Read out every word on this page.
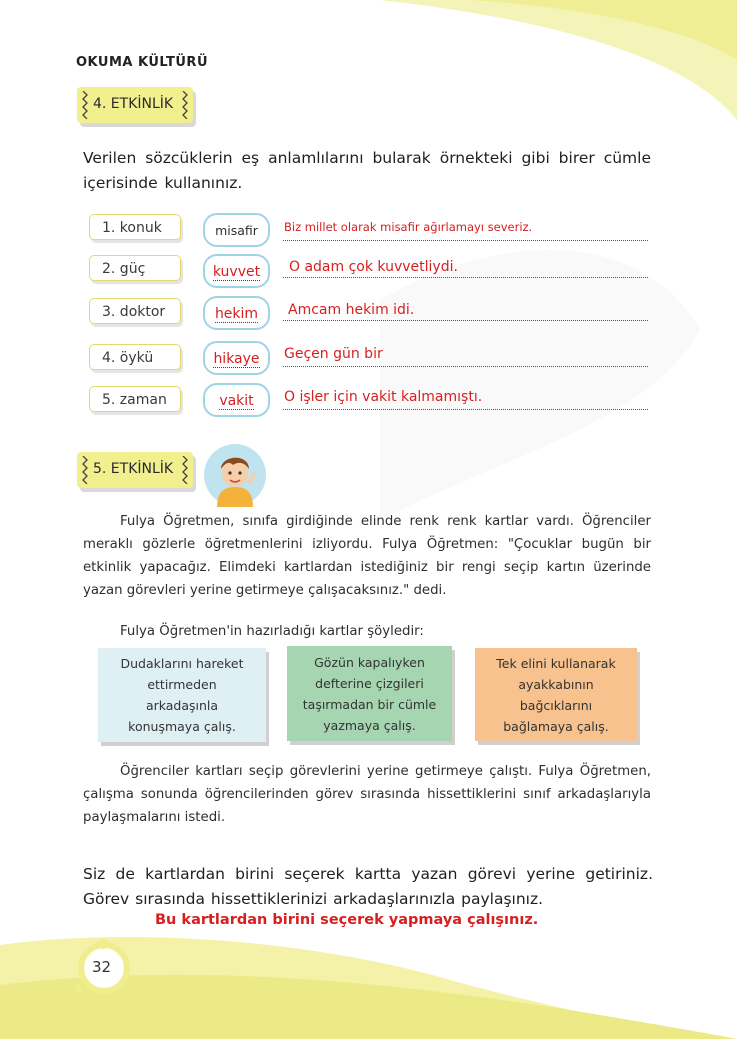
OKUMA KÜLTÜRÜ
4. ETKİNLİK
Verilen sözcüklerin eş anlamlılarını bularak örnekteki gibi birer cümle içerisinde kullanınız.
1. konuk	misafir	Biz millet olarak misafir ağırlamayı severiz.
2. güç	kuvvet	O adam çok kuvvetliydi.
3. doktor	hekim	Amcam hekim idi.
4. öykü	hikaye	Geçen gün bir
5. zaman	vakit	O işler için vakit kalmamıştı.
5. ETKİNLİK
Fulya Öğretmen, sınıfa girdiğinde elinde renk renk kartlar vardı. Öğrenciler meraklı gözlerle öğretmenlerini izliyordu. Fulya Öğretmen: "Çocuklar bugün bir etkinlik yapacağız. Elimdeki kartlardan istediğiniz bir rengi seçip kartın üzerinde yazan görevleri yerine getirmeye çalışacaksınız." dedi.
Fulya Öğretmen'in hazırladığı kartlar şöyledir:
Dudaklarını hareket ettirmeden arkadaşınla konuşmaya çalış.
Gözün kapalıyken defterine çizgileri taşırmadan bir cümle yazmaya çalış.
Tek elini kullanarak ayakkabının bağcıklarını bağlamaya çalış.
Öğrenciler kartları seçip görevlerini yerine getirmeye çalıştı. Fulya Öğretmen, çalışma sonunda öğrencilerinden görev sırasında hissettiklerini sınıf arkadaşlarıyla paylaşmalarını istedi.
Siz de kartlardan birini seçerek kartta yazan görevi yerine getiriniz. Görev sırasında hissettiklerinizi arkadaşlarınızla paylaşınız.
Bu kartlardan birini seçerek yapmaya çalışınız.
32
